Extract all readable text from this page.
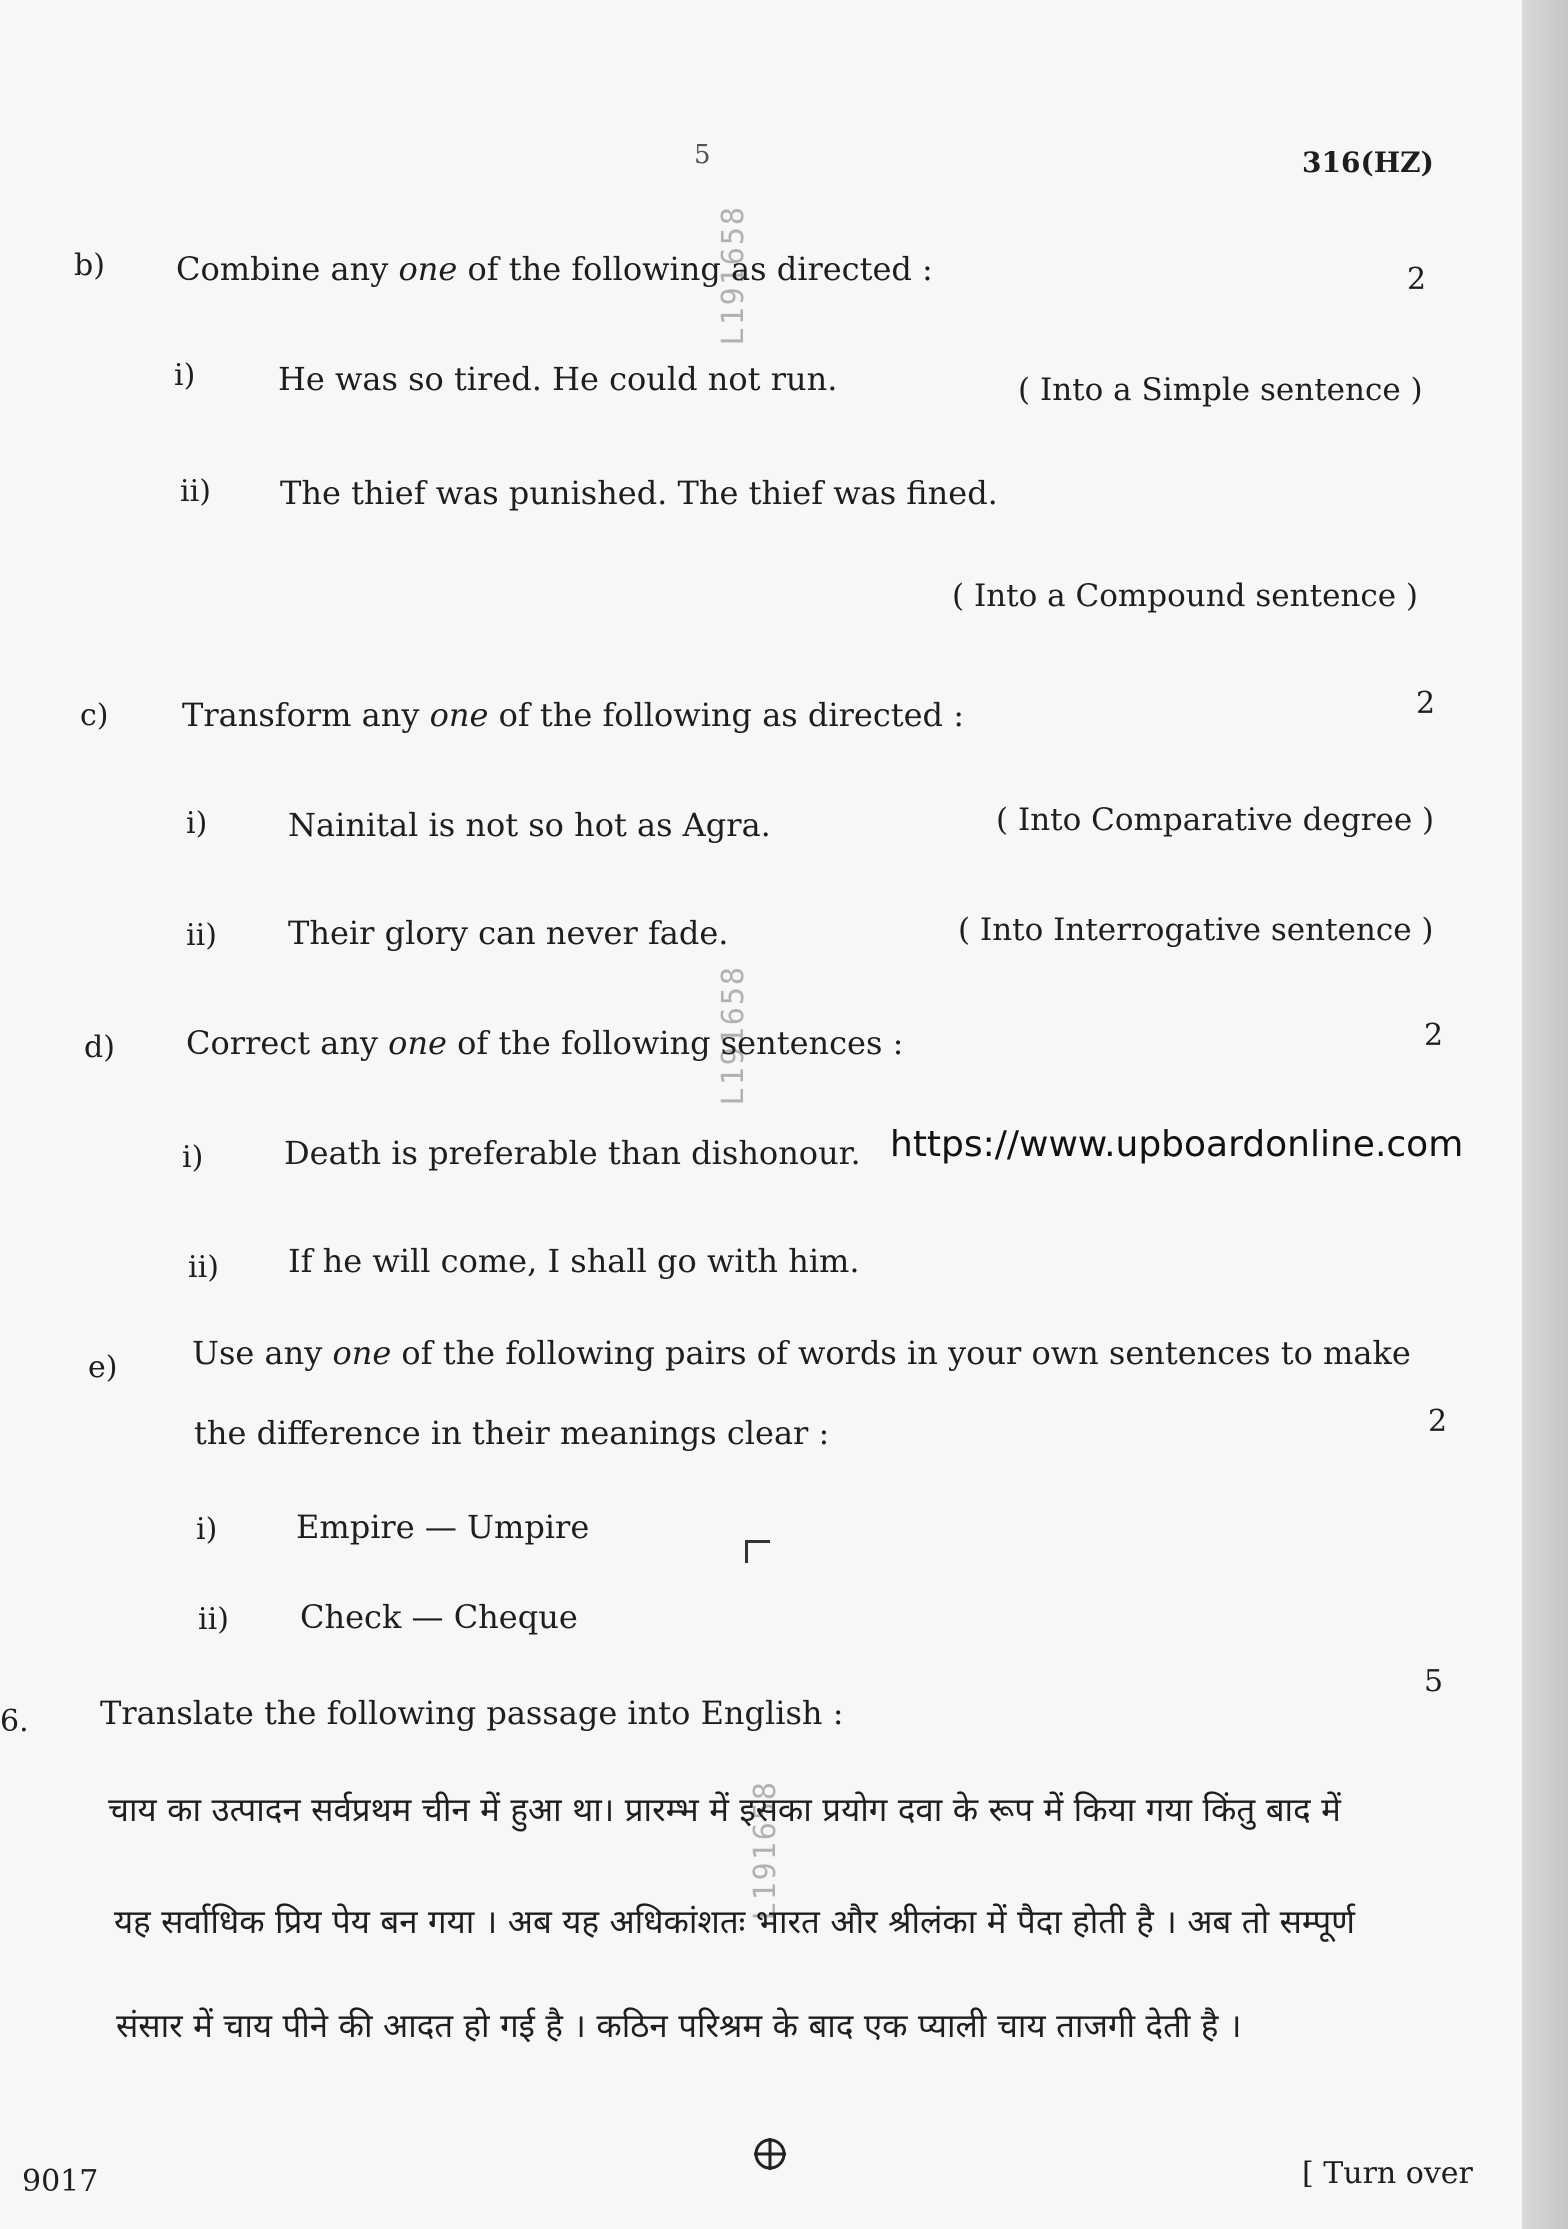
5	316(HZ)
L191658
L191658
L191658
b) Combine any one of the following as directed :	2
i)	He was so tired. He could not run.	( Into a Simple sentence )
ii) The thief was punished. The thief was fined.
( Into a Compound sentence )
c) Transform any one of the following as directed :	2
i)	Nainital is not so hot as Agra.	( Into Comparative degree )
ii) Their glory can never fade.	( Into Interrogative sentence )
d) Correct any one of the following sentences :	2
i)	Death is preferable than dishonour. https://www.upboardonline.com
ii) If he will come, I shall go with him.
e) Use any one of the following pairs of words in your own sentences to make
the difference in their meanings clear :	2
i) Empire — Umpire
ii) Check — Cheque
6. Translate the following passage into English :
5
चाय का उत्पादन सर्वप्रथम चीन में हुआ था। प्रारम्भ में इसका प्रयोग दवा के रूप में किया गया किंतु बाद में
यह सर्वाधिक प्रिय पेय बन गया । अब यह अधिकांशतः भारत और श्रीलंका में पैदा होती है । अब तो सम्पूर्ण
संसार में चाय पीने की आदत हो गई है । कठिन परिश्रम के बाद एक प्याली चाय ताजगी देती है ।
9017	[ Turn over
